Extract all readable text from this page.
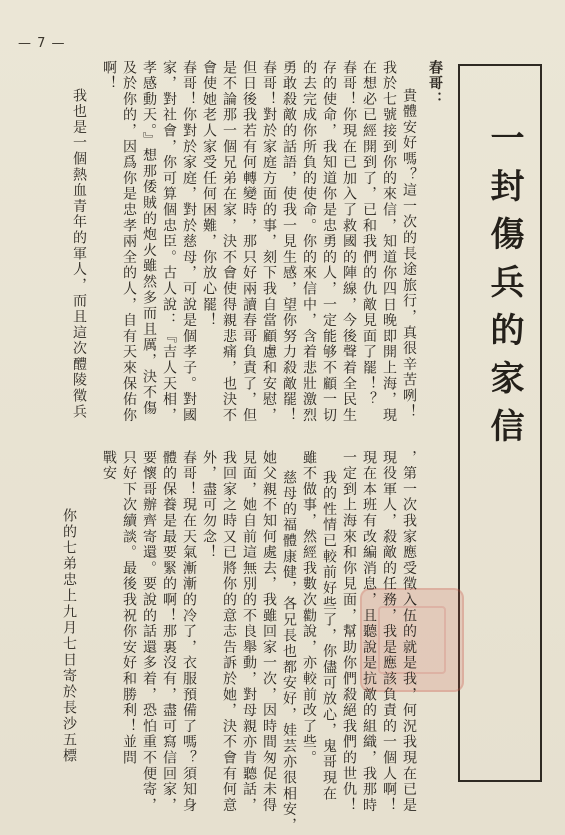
— 7 —
一封傷兵的家信
春哥：
貴體安好嗎？這一次的長途旅行，真很辛苦咧！
我於七號接到你的來信，知道你四日晚即開上海，現
在想必已經開到了，已和我們的仇敵見面了罷！？
春哥！你現在已加入了救國的陣線，今後聲着全民生
存的使命，我知道你是忠勇的人，一定能够不顧一切
的去完成你所負的使命。你的來信中，含着悲壯激烈
勇敢殺敵的話語，使我一見生感，望你努力殺敵罷！
春哥！對於家庭方面的事，刻下我自當顧慮和安慰，
但日後我若有何轉變時，那只好兩讀春哥負責了，但
是不論那一個兄弟在家，決不會使得親悲痛，也決不
會使她老人家受任何困難，你放心罷！
春哥！你對於家庭，對於慈母，可說是個孝子。對國
家，對社會，你可算個忠臣。古人說：『吉人天相，
孝感動天。』想那倭賊的炮火雖然多而且厲，決不傷
及於你的，因爲你是忠孝兩全的人，自有天來保佑你
啊！
我也是一個熱血青年的軍人，而且這次醴陵徵兵
，第一次我家應受徵入伍的就是我，何況我現在已是
現役軍人，殺敵的任務，我是應該負責的一個人啊！
現在本班有改編消息，且聽說是抗敵的組織，我那時
一定到上海來和你見面，幫助你們殺絕我們的世仇！
我的性情已較前好些了，你儘可放心，鬼哥現在
雖不做事，然經我數次勸說，亦較前改了些。
慈母的福體康健，各兄長也都安好，娃芸亦很相安，
她父親不知何處去，我雖回家一次，因時間匆促未得
見面，她自前這無別的不良舉動，對母親亦肯聽話，
我回家之時又已將你的意志告訴於她，決不會有何意
外，盡可勿念！
春哥！現在天氣漸漸的冷了，衣服預備了嗎？須知身
體的保養是最要緊的啊！那裏沒有，盡可寫信回家，
要懷哥辦齊寄還。要說的話還多着，恐怕重不便寄，
只好下次續談。最後我祝你安好和勝利！並問
戰安
你的七弟忠上九月七日寄於長沙五標
